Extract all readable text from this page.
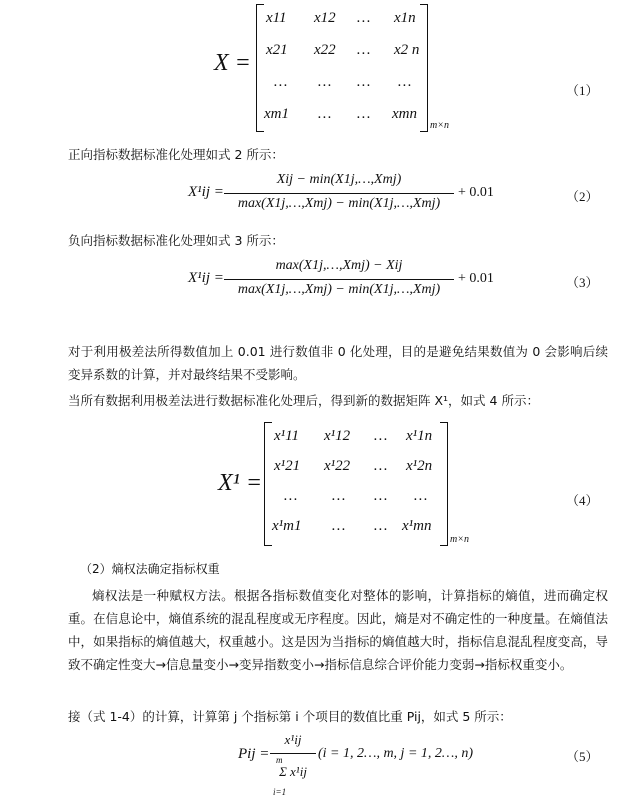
X =
x11 x12 … x1n
x21 x22 … x2 n
… … … …
xm1 … … xmn
m×n
（1）
正向指标数据标准化处理如式 2 所示：
X¹ij =
Xij − min(X1j,…,Xmj)
max(X1j,…,Xmj) − min(X1j,…,Xmj)
+ 0.01	（2）
负向指标数据标准化处理如式 3 所示：
X¹ij =
max(X1j,…,Xmj) − Xij
max(X1j,…,Xmj) − min(X1j,…,Xmj)
+ 0.01	（3）
对于利用极差法所得数值加上 0.01 进行数值非 0 化处理，目的是避免结果数值为 0 会影响后续变异系数的计算，并对最终结果不受影响。
当所有数据利用极差法进行数据标准化处理后，得到新的数据矩阵 X¹，如式 4 所示：
X¹ =
x¹11 x¹12 … x¹1n
x¹21 x¹22 … x¹2n
… … … …
x¹m1 … … x¹mn
m×n
（4）
（2）熵权法确定指标权重
熵权法是一种赋权方法。根据各指标数值变化对整体的影响，计算指标的熵值，进而确定权重。在信息论中，熵值系统的混乱程度或无序程度。因此，熵是对不确定性的一种度量。在熵值法中，如果指标的熵值越大，权重越小。这是因为当指标的熵值越大时，指标信息混乱程度变高，导致不确定性变大→信息量变小→变异指数变小→指标信息综合评价能力变弱→指标权重变小。
接（式 1-4）的计算，计算第 j 个指标第 i 个项目的数值比重 Pij，如式 5 所示：
Pij =
x¹ij
m
Σ x¹ij
i=1
(i = 1, 2…, m, j = 1, 2…, n)	（5）
